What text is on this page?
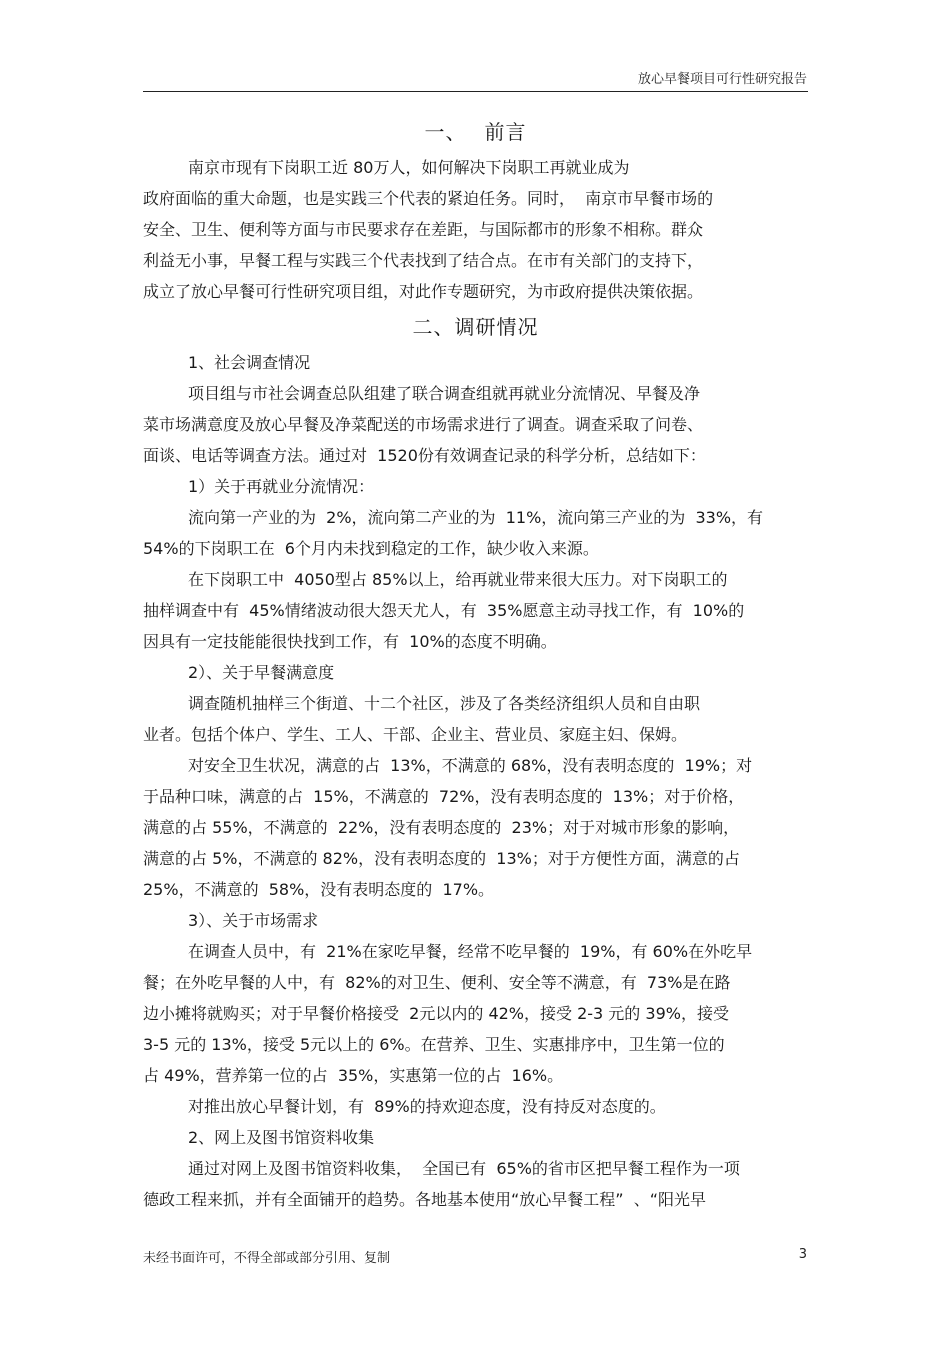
放心早餐项目可行性研究报告
一、 前言

南京市现有下岗职工近 80万人，如何解决下岗职工再就业成为

政府面临的重大命题，也是实践三个代表的紧迫任务。同时，  南京市早餐市场的

安全、卫生、便利等方面与市民要求存在差距，与国际都市的形象不相称。群众

利益无小事，早餐工程与实践三个代表找到了结合点。在市有关部门的支持下，

成立了放心早餐可行性研究项目组，对此作专题研究，为市政府提供决策依据。

二、调研情况

1、社会调查情况

项目组与市社会调查总队组建了联合调查组就再就业分流情况、早餐及净

菜市场满意度及放心早餐及净菜配送的市场需求进行了调查。调查采取了问卷、

面谈、电话等调查方法。通过对  1520份有效调查记录的科学分析，总结如下：

1）关于再就业分流情况：

流向第一产业的为  2%，流向第二产业的为  11%，流向第三产业的为  33%，有

54%的下岗职工在  6个月内未找到稳定的工作，缺少收入来源。

在下岗职工中  4050型占 85%以上，给再就业带来很大压力。对下岗职工的

抽样调查中有  45%情绪波动很大怨天尤人，有  35%愿意主动寻找工作，有  10%的

因具有一定技能能很快找到工作，有  10%的态度不明确。

2）、关于早餐满意度

调查随机抽样三个街道、十二个社区，涉及了各类经济组织人员和自由职

业者。包括个体户、学生、工人、干部、企业主、营业员、家庭主妇、保姆。

对安全卫生状况，满意的占  13%，不满意的 68%，没有表明态度的  19%；对

于品种口味，满意的占  15%，不满意的  72%，没有表明态度的  13%；对于价格，

满意的占 55%，不满意的  22%，没有表明态度的  23%；对于对城市形象的影响，

满意的占 5%，不满意的 82%，没有表明态度的  13%；对于方便性方面，满意的占

25%，不满意的  58%，没有表明态度的  17%。

3）、关于市场需求

在调查人员中，有  21%在家吃早餐，经常不吃早餐的  19%，有 60%在外吃早

餐；在外吃早餐的人中，有  82%的对卫生、便利、安全等不满意，有  73%是在路

边小摊将就购买；对于早餐价格接受  2元以内的 42%，接受 2-3 元的 39%，接受

3-5 元的 13%，接受 5元以上的 6%。在营养、卫生、实惠排序中，卫生第一位的

占 49%，营养第一位的占  35%，实惠第一位的占  16%。

对推出放心早餐计划，有  89%的持欢迎态度，没有持反对态度的。

2、网上及图书馆资料收集

通过对网上及图书馆资料收集，  全国已有  65%的省市区把早餐工程作为一项

德政工程来抓，并有全面铺开的趋势。各地基本使用“放心早餐工程”  、“阳光早

未经书面许可，不得全部或部分引用、复制	3
